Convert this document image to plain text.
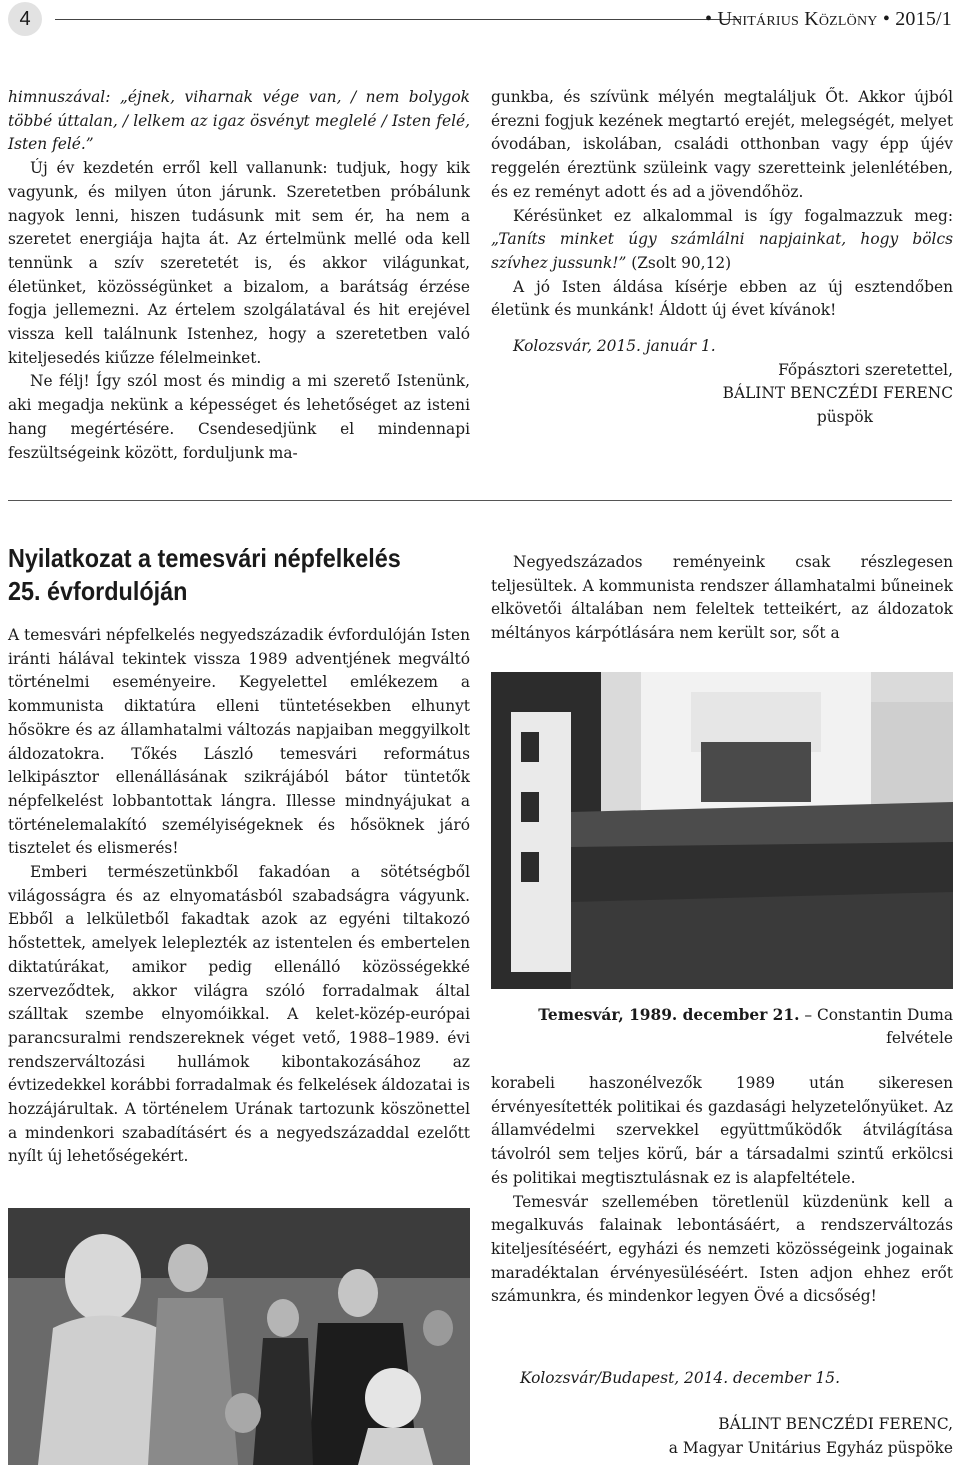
4	• Unitárius Közlöny • 2015/1

himnuszával: „éjnek, viharnak vége van, / nem bolygok többé úttalan, / lelkem az igaz ösvényt meglelé / Isten felé, Isten felé.”

Új év kezdetén erről kell vallanunk: tudjuk, hogy kik vagyunk, és milyen úton járunk. Szeretetben próbálunk nagyok lenni, hiszen tudásunk mit sem ér, ha nem a szeretet energiája hajta át. Az értelmünk mellé oda kell tennünk a szív szeretetét is, és akkor világunkat, életünket, közösségünket a bizalom, a barátság érzése fogja jellemezni. Az értelem szolgálatával és hit erejével vissza kell találnunk Istenhez, hogy a szeretetben való kiteljesedés kiűzze félelmeinket.

Ne félj! Így szól most és mindig a mi szerető Istenünk, aki megadja nekünk a képességet és lehetőséget az isteni hang megértésére. Csendesedjünk el mindennapi feszültségeink között, forduljunk ma-

gunkba, és szívünk mélyén megtaláljuk Őt. Akkor újból érezni fogjuk kezének megtartó erejét, melegségét, melyet óvodában, iskolában, családi otthonban vagy épp újév reggelén éreztünk szüleink vagy szeretteink jelenlétében, és ez reményt adott és ad a jövendőhöz.

Kérésünket ez alkalommal is így fogalmazzuk meg: „Taníts minket úgy számlálni napjainkat, hogy bölcs szívhez jussunk!” (Zsolt 90,12)

A jó Isten áldása kísérje ebben az új esztendőben életünk és munkánk! Áldott új évet kívánok!

Kolozsvár, 2015. január 1.

Főpásztori szeretettel,
BÁLINT BENCZÉDI FERENC
püspök
Nyilatkozat a temesvári népfelkelés
25. évfordulóján

A temesvári népfelkelés negyedszázadik évfordulóján Isten iránti hálával tekintek vissza 1989 adventjének megváltó történelmi eseményeire. Kegyelettel emlékezem a kommunista diktatúra elleni tüntetésekben elhunyt hősökre és az államhatalmi változás napjaiban meggyilkolt áldozatokra. Tőkés László temesvári református lelkipásztor ellenállásának szikrájából bátor tüntetők népfelkelést lobbantottak lángra. Illesse mindnyájukat a történelemalakító személyiségeknek és hősöknek járó tisztelet és elismerés!

Emberi természetünkből fakadóan a sötétségből világosságra és az elnyomatásból szabadságra vágyunk. Ebből a lelkületből fakadtak azok az egyéni tiltakozó hőstettek, amelyek leleplezték az istentelen és embertelen diktatúrákat, amikor pedig ellenálló közösségekké szerveződtek, akkor világra szóló forradalmak által szálltak szembe elnyomóikkal. A kelet-közép-európai parancsuralmi rendszereknek véget vető, 1988–1989. évi rendszerváltozási hullámok kibontakozásához az évtizedekkel korábbi forradalmak és felkelések áldozatai is hozzájárultak. A történelem Urának tartozunk köszönettel a mindenkori szabadításért és a negyedszázaddal ezelőtt nyílt új lehetőségekért.

Negyedszázados reményeink csak részlegesen teljesültek. A kommunista rendszer államhatalmi bűneinek elkövetői általában nem feleltek tetteikért, az áldozatok méltányos kárpótlására nem került sor, sőt a

Temesvár, 1989. december 21. – Constantin Duma felvétele

korabeli haszonélvezők 1989 után sikeresen érvényesítették politikai és gazdasági helyzetelőnyüket. Az államvédelmi szervekkel együttműködők átvilágítása távolról sem teljes körű, bár a társadalmi szintű erkölcsi és politikai megtisztulásnak ez is alapfeltétele.

Temesvár szellemében töretlenül küzdenünk kell a megalkuvás falainak lebontásáért, a rendszerváltozás kiteljesítéséért, egyházi és nemzeti közösségeink jogainak maradéktalan érvényesüléséért. Isten adjon ehhez erőt számunkra, és mindenkor legyen Övé a dicsőség!

Kolozsvár/Budapest, 2014. december 15.
BÁLINT BENCZÉDI FERENC,
a Magyar Unitárius Egyház püspöke
